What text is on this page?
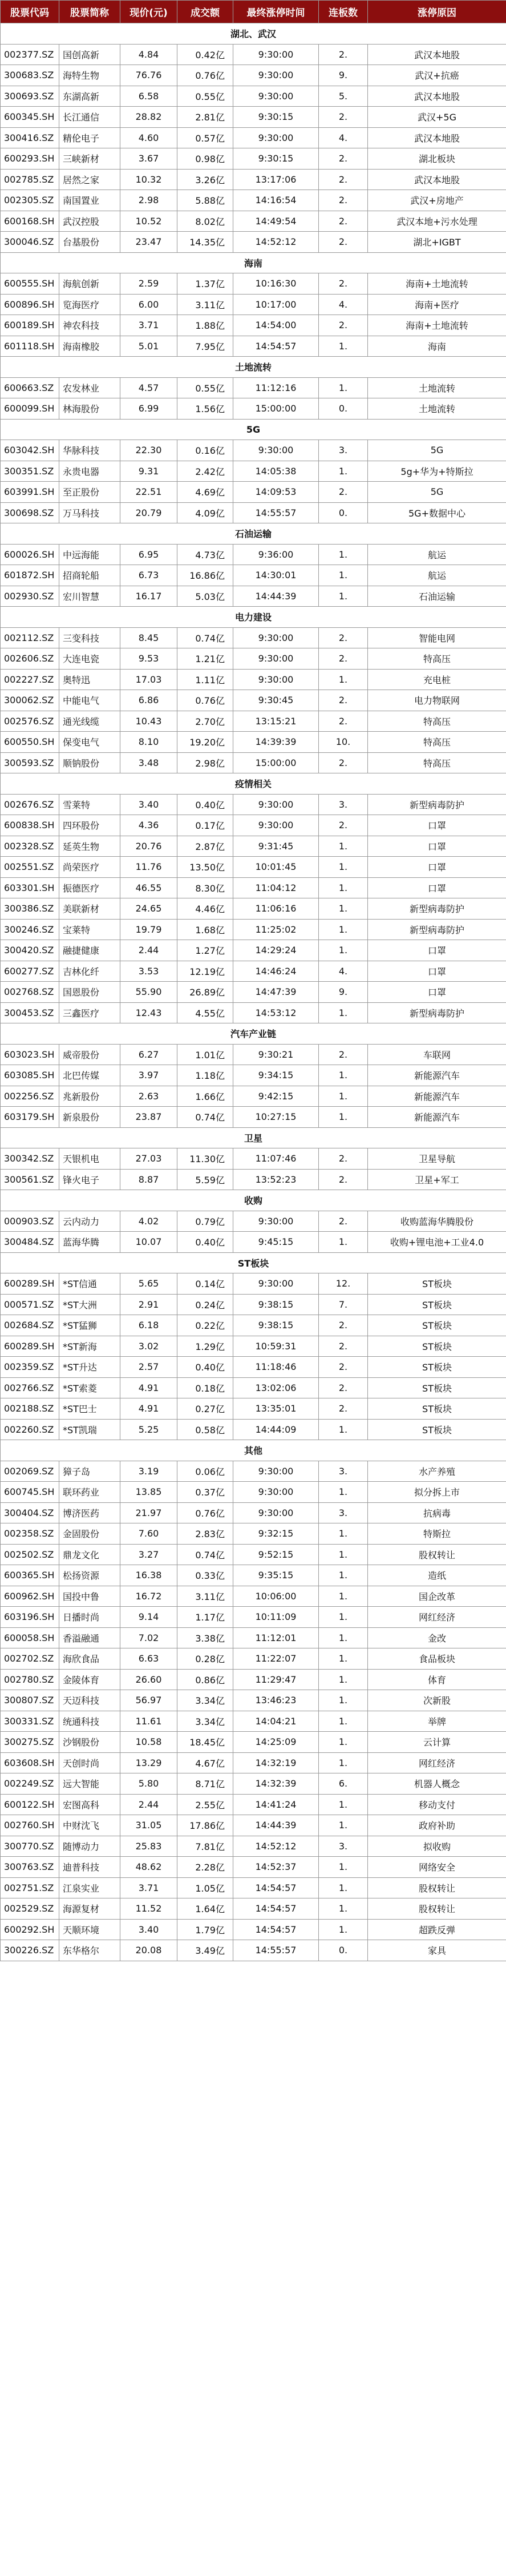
股票代码	股票简称	现价(元)	成交额	最终涨停时间	连板数	涨停原因
湖北、武汉						
002377.SZ	国创高新	4.84	0.42亿	9:30:00	2.	武汉本地股
300683.SZ	海特生物	76.76	0.76亿	9:30:00	9.	武汉+抗癌
300693.SZ	东湖高新	6.58	0.55亿	9:30:00	5.	武汉本地股
600345.SH	长江通信	28.82	2.81亿	9:30:15	2.	武汉+5G
300416.SZ	精伦电子	4.60	0.57亿	9:30:00	4.	武汉本地股
600293.SH	三峡新材	3.67	0.98亿	9:30:15	2.	湖北板块
002785.SZ	居然之家	10.32	3.26亿	13:17:06	2.	武汉本地股
002305.SZ	南国置业	2.98	5.88亿	14:16:54	2.	武汉+房地产
600168.SH	武汉控股	10.52	8.02亿	14:49:54	2.	武汉本地+污水处理
300046.SZ	台基股份	23.47	14.35亿	14:52:12	2.	湖北+IGBT
海南						
600555.SH	海航创新	2.59	1.37亿	10:16:30	2.	海南+土地流转
600896.SH	览海医疗	6.00	3.11亿	10:17:00	4.	海南+医疗
600189.SH	神农科技	3.71	1.88亿	14:54:00	2.	海南+土地流转
601118.SH	海南橡胶	5.01	7.95亿	14:54:57	1.	海南
土地流转						
600663.SZ	农发林业	4.57	0.55亿	11:12:16	1.	土地流转
600099.SH	林海股份	6.99	1.56亿	15:00:00	0.	土地流转
5G						
603042.SH	华脉科技	22.30	0.16亿	9:30:00	3.	5G
300351.SZ	永贵电器	9.31	2.42亿	14:05:38	1.	5g+华为+特斯拉
603991.SH	至正股份	22.51	4.69亿	14:09:53	2.	5G
300698.SZ	万马科技	20.79	4.09亿	14:55:57	0.	5G+数据中心
石油运输						
600026.SH	中远海能	6.95	4.73亿	9:36:00	1.	航运
601872.SH	招商轮船	6.73	16.86亿	14:30:01	1.	航运
002930.SZ	宏川智慧	16.17	5.03亿	14:44:39	1.	石油运输
电力建设						
002112.SZ	三变科技	8.45	0.74亿	9:30:00	2.	智能电网
002606.SZ	大连电瓷	9.53	1.21亿	9:30:00	2.	特高压
002227.SZ	奥特迅	17.03	1.11亿	9:30:00	1.	充电桩
300062.SZ	中能电气	6.86	0.76亿	9:30:45	2.	电力物联网
002576.SZ	通光线缆	10.43	2.70亿	13:15:21	2.	特高压
600550.SH	保变电气	8.10	19.20亿	14:39:39	10.	特高压
300593.SZ	顺钠股份	3.48	2.98亿	15:00:00	2.	特高压
疫情相关						
002676.SZ	雪莱特	3.40	0.40亿	9:30:00	3.	新型病毒防护
600838.SH	四环股份	4.36	0.17亿	9:30:00	2.	口罩
002328.SZ	延英生物	20.76	2.87亿	9:31:45	1.	口罩
002551.SZ	尚荣医疗	11.76	13.50亿	10:01:45	1.	口罩
603301.SH	振德医疗	46.55	8.30亿	11:04:12	1.	口罩
300386.SZ	美联新材	24.65	4.46亿	11:06:16	1.	新型病毒防护
300246.SZ	宝莱特	19.79	1.68亿	11:25:02	1.	新型病毒防护
300420.SZ	融捷健康	2.44	1.27亿	14:29:24	1.	口罩
600277.SZ	吉林化纤	3.53	12.19亿	14:46:24	4.	口罩
002768.SZ	国恩股份	55.90	26.89亿	14:47:39	9.	口罩
300453.SZ	三鑫医疗	12.43	4.55亿	14:53:12	1.	新型病毒防护
汽车产业链						
603023.SH	威帝股份	6.27	1.01亿	9:30:21	2.	车联网
603085.SH	北巴传媒	3.97	1.18亿	9:34:15	1.	新能源汽车
002256.SZ	兆新股份	2.63	1.66亿	9:42:15	1.	新能源汽车
603179.SH	新泉股份	23.87	0.74亿	10:27:15	1.	新能源汽车
卫星						
300342.SZ	天银机电	27.03	11.30亿	11:07:46	2.	卫星导航
300561.SZ	锋火电子	8.87	5.59亿	13:52:23	2.	卫星+军工
收购						
000903.SZ	云内动力	4.02	0.79亿	9:30:00	2.	收购蓝海华腾股份
300484.SZ	蓝海华腾	10.07	0.40亿	9:45:15	1.	收购+锂电池+工业4.0
ST板块						
600289.SH	*ST信通	5.65	0.14亿	9:30:00	12.	ST板块
000571.SZ	*ST大洲	2.91	0.24亿	9:38:15	7.	ST板块
002684.SZ	*ST猛狮	6.18	0.22亿	9:38:15	2.	ST板块
600289.SH	*ST新海	3.02	1.29亿	10:59:31	2.	ST板块
002359.SZ	*ST升达	2.57	0.40亿	11:18:46	2.	ST板块
002766.SZ	*ST索菱	4.91	0.18亿	13:02:06	2.	ST板块
002188.SZ	*ST巴士	4.91	0.27亿	13:35:01	2.	ST板块
002260.SZ	*ST凯瑞	5.25	0.58亿	14:44:09	1.	ST板块
其他						
002069.SZ	獐子岛	3.19	0.06亿	9:30:00	3.	水产养殖
600745.SH	联环药业	13.85	0.37亿	9:30:00	1.	拟分拆上市
300404.SZ	博济医药	21.97	0.76亿	9:30:00	3.	抗病毒
002358.SZ	金固股份	7.60	2.83亿	9:32:15	1.	特斯拉
002502.SZ	鼎龙文化	3.27	0.74亿	9:52:15	1.	股权转让
600365.SH	松扬资源	16.38	0.33亿	9:35:15	1.	造纸
600962.SH	国投中鲁	16.72	3.11亿	10:06:00	1.	国企改革
603196.SH	日播时尚	9.14	1.17亿	10:11:09	1.	网红经济
600058.SH	香溢融通	7.02	3.38亿	11:12:01	1.	金改
002702.SZ	海欣食品	6.63	0.28亿	11:22:07	1.	食品板块
002780.SZ	金陵体育	26.60	0.86亿	11:29:47	1.	体育
300807.SZ	天迈科技	56.97	3.34亿	13:46:23	1.	次新股
300331.SZ	统通科技	11.61	3.34亿	14:04:21	1.	举牌
300275.SZ	沙钢股份	10.58	18.45亿	14:25:09	1.	云计算
603608.SH	天创时尚	13.29	4.67亿	14:32:19	1.	网红经济
002249.SZ	远大智能	5.80	8.71亿	14:32:39	6.	机器人概念
600122.SH	宏图高科	2.44	2.55亿	14:41:24	1.	移动支付
002760.SH	中财沈飞	31.05	17.86亿	14:44:39	1.	政府补助
300770.SZ	随博动力	25.83	7.81亿	14:52:12	3.	拟收购
300763.SZ	迪普科技	48.62	2.28亿	14:52:37	1.	网络安全
002751.SZ	江泉实业	3.71	1.05亿	14:54:57	1.	股权转让
002529.SZ	海源复材	11.52	1.64亿	14:54:57	1.	股权转让
600292.SH	天顺环境	3.40	1.79亿	14:54:57	1.	超跌反弹
300226.SZ	东华格尔	20.08	3.49亿	14:55:57	0.	家具
